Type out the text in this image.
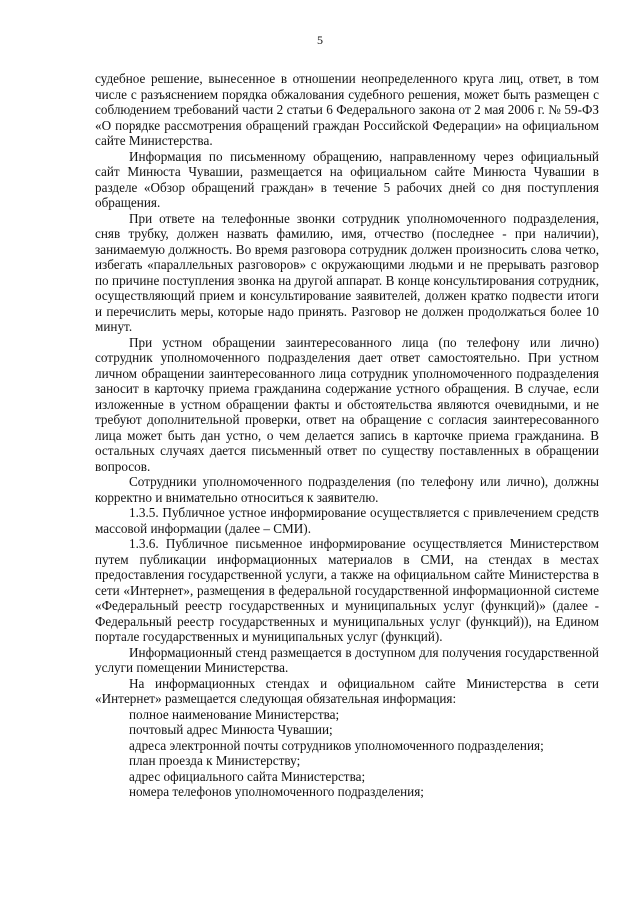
5

судебное решение, вынесенное в отношении неопределенного круга лиц, ответ, в том числе с разъяснением порядка обжалования судебного решения, может быть размещен с соблюдением требований части 2 статьи 6 Федерального закона от 2 мая 2006 г. № 59-ФЗ «О порядке рассмотрения обращений граждан Российской Федерации» на официальном сайте Министерства.

Информация по письменному обращению, направленному через официальный сайт Минюста Чувашии, размещается на официальном сайте Минюста Чувашии в разделе «Обзор обращений граждан» в течение 5 рабочих дней со дня поступления обращения.

При ответе на телефонные звонки сотрудник уполномоченного подразделения, сняв трубку, должен назвать фамилию, имя, отчество (последнее - при наличии), занимаемую должность. Во время разговора сотрудник должен произносить слова четко, избегать «параллельных разговоров» с окружающими людьми и не прерывать разговор по причине поступления звонка на другой аппарат. В конце консультирования сотрудник, осуществляющий прием и консультирование заявителей, должен кратко подвести итоги и перечислить меры, которые надо принять. Разговор не должен продолжаться более 10 минут.

При устном обращении заинтересованного лица (по телефону или лично) сотрудник уполномоченного подразделения дает ответ самостоятельно. При устном личном обращении заинтересованного лица сотрудник уполномоченного подразделения заносит в карточку приема гражданина содержание устного обращения. В случае, если изложенные в устном обращении факты и обстоятельства являются очевидными, и не требуют дополнительной проверки, ответ на обращение с согласия заинтересованного лица может быть дан устно, о чем делается запись в карточке приема гражданина. В остальных случаях дается письменный ответ по существу поставленных в обращении вопросов.

Сотрудники уполномоченного подразделения (по телефону или лично), должны корректно и внимательно относиться к заявителю.

1.3.5. Публичное устное информирование осуществляется с привлечением средств массовой информации (далее – СМИ).

1.3.6. Публичное письменное информирование осуществляется Министерством путем публикации информационных материалов в СМИ, на стендах в местах предоставления государственной услуги, а также на официальном сайте Министерства в сети «Интернет», размещения в федеральной государственной информационной системе «Федеральный реестр государственных и муниципальных услуг (функций)» (далее - Федеральный реестр государственных и муниципальных услуг (функций)), на Едином портале государственных и муниципальных услуг (функций).

Информационный стенд размещается в доступном для получения государственной услуги помещении Министерства.

На информационных стендах и официальном сайте Министерства в сети «Интернет» размещается следующая обязательная информация:

полное наименование Министерства;
почтовый адрес Минюста Чувашии;
адреса электронной почты сотрудников уполномоченного подразделения;
план проезда к Министерству;
адрес официального сайта Министерства;
номера телефонов уполномоченного подразделения;
